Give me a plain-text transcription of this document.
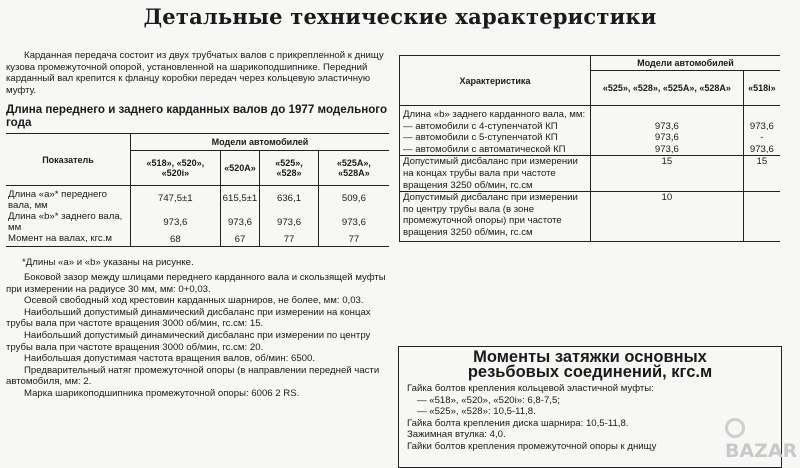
Детальные технические характеристики

Карданная передача состоит из двух трубчатых валов с прикрепленной к днищу кузова промежуточной опорой, установленной на шарикоподшипнике. Передний карданный вал крепится к фланцу коробки передач через кольцевую эластичную муфту.

Длина переднего и заднего карданных валов до 1977 модельного года
Показатель	Модели автомобилей			
	«518», «520», «520i»	«520А»	«525», «528»	«525А», «528А»
Длина «а»* переднего вала, мм	747,5±1	615,5±1	636,1	509,6
Длина «b»* заднего вала, мм	973,6	973,6	973,6	973,6
Момент на валах, кгс.м	68	67	77	77

*Длины «а» и «b» указаны на рисунке.

Боковой зазор между шлицами переднего карданного вала и скользящей муфты при измерении на радиусе 30 мм, мм: 0+0,03.

Осевой свободный ход крестовин карданных шарниров, не более, мм: 0,03.

Наибольший допустимый динамический дисбаланс при измерении на концах трубы вала при частоте вращения 3000 об/мин, гс.см: 15.

Наибольший допустимый динамический дисбаланс при измерении по центру трубы вала при частоте вращения 3000 об/мин, гс.см: 20.

Наибольшая допустимая частота вращения валов, об/мин: 6500.

Предварительный натяг промежуточной опоры (в направлении передней части автомобиля, мм: 2.

Марка шарикоподшипника промежуточной опоры: 6006 2 RS.

Характеристика	Модели автомобилей	
	«525», «528», «525А», «528А»	«518i»
Длина «b» заднего карданного вала, мм:		
— автомобили с 4-ступенчатой КП	973,6	973,6
— автомобили с 5-ступенчатой КП	973,6	-
— автомобили с автоматической КП	973,6	973,6
Допустимый дисбаланс при измерении на концах трубы вала при частоте вращения 3250 об/мин, гс.см	15	15
Допустимый дисбаланс при измерении по центру трубы вала (в зоне промежуточной опоры) при частоте вращения 3250 об/мин, гс.см	10	
Моменты затяжки основных
резьбовых соединений, кгс.м

Гайка болтов крепления кольцевой эластичной муфты:

— «518», «520», «520i»: 6,8-7,5;

— «525», «528»: 10,5-11,8.

Гайка болта крепления диска шарнира: 10,5-11,8.

Зажимная втулка: 4,0.

Гайки болтов крепления промежуточной опоры к днищу	BAZAR
